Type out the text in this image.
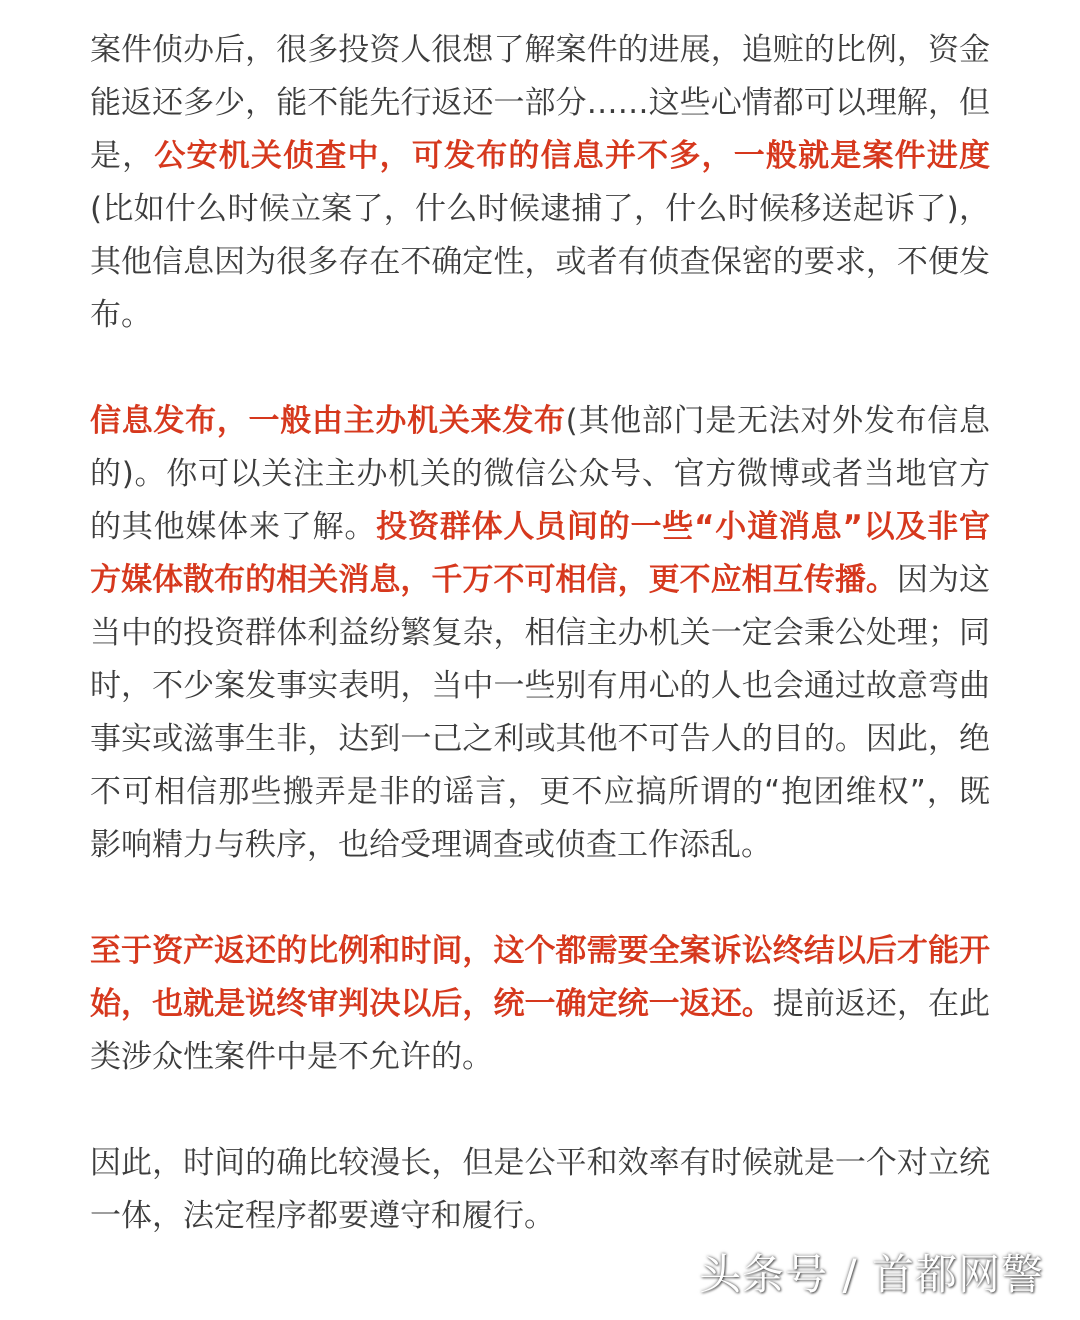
案件侦办后，很多投资人很想了解案件的进展，追赃的比例，资金能返还多少，能不能先行返还一部分……这些心情都可以理解，但是，公安机关侦查中，可发布的信息并不多，一般就是案件进度(比如什么时候立案了，什么时候逮捕了，什么时候移送起诉了)，其他信息因为很多存在不确定性，或者有侦查保密的要求，不便发布。

信息发布，一般由主办机关来发布(其他部门是无法对外发布信息的)。你可以关注主办机关的微信公众号、官方微博或者当地官方的其他媒体来了解。投资群体人员间的一些“小道消息”以及非官方媒体散布的相关消息，千万不可相信，更不应相互传播。因为这当中的投资群体利益纷繁复杂，相信主办机关一定会秉公处理；同时，不少案发事实表明，当中一些别有用心的人也会通过故意弯曲事实或滋事生非，达到一己之利或其他不可告人的目的。因此，绝不可相信那些搬弄是非的谣言，更不应搞所谓的“抱团维权”，既影响精力与秩序，也给受理调查或侦查工作添乱。

至于资产返还的比例和时间，这个都需要全案诉讼终结以后才能开始，也就是说终审判决以后，统一确定统一返还。提前返还，在此类涉众性案件中是不允许的。

因此，时间的确比较漫长，但是公平和效率有时候就是一个对立统一体，法定程序都要遵守和履行。

头条号 / 首都网警
